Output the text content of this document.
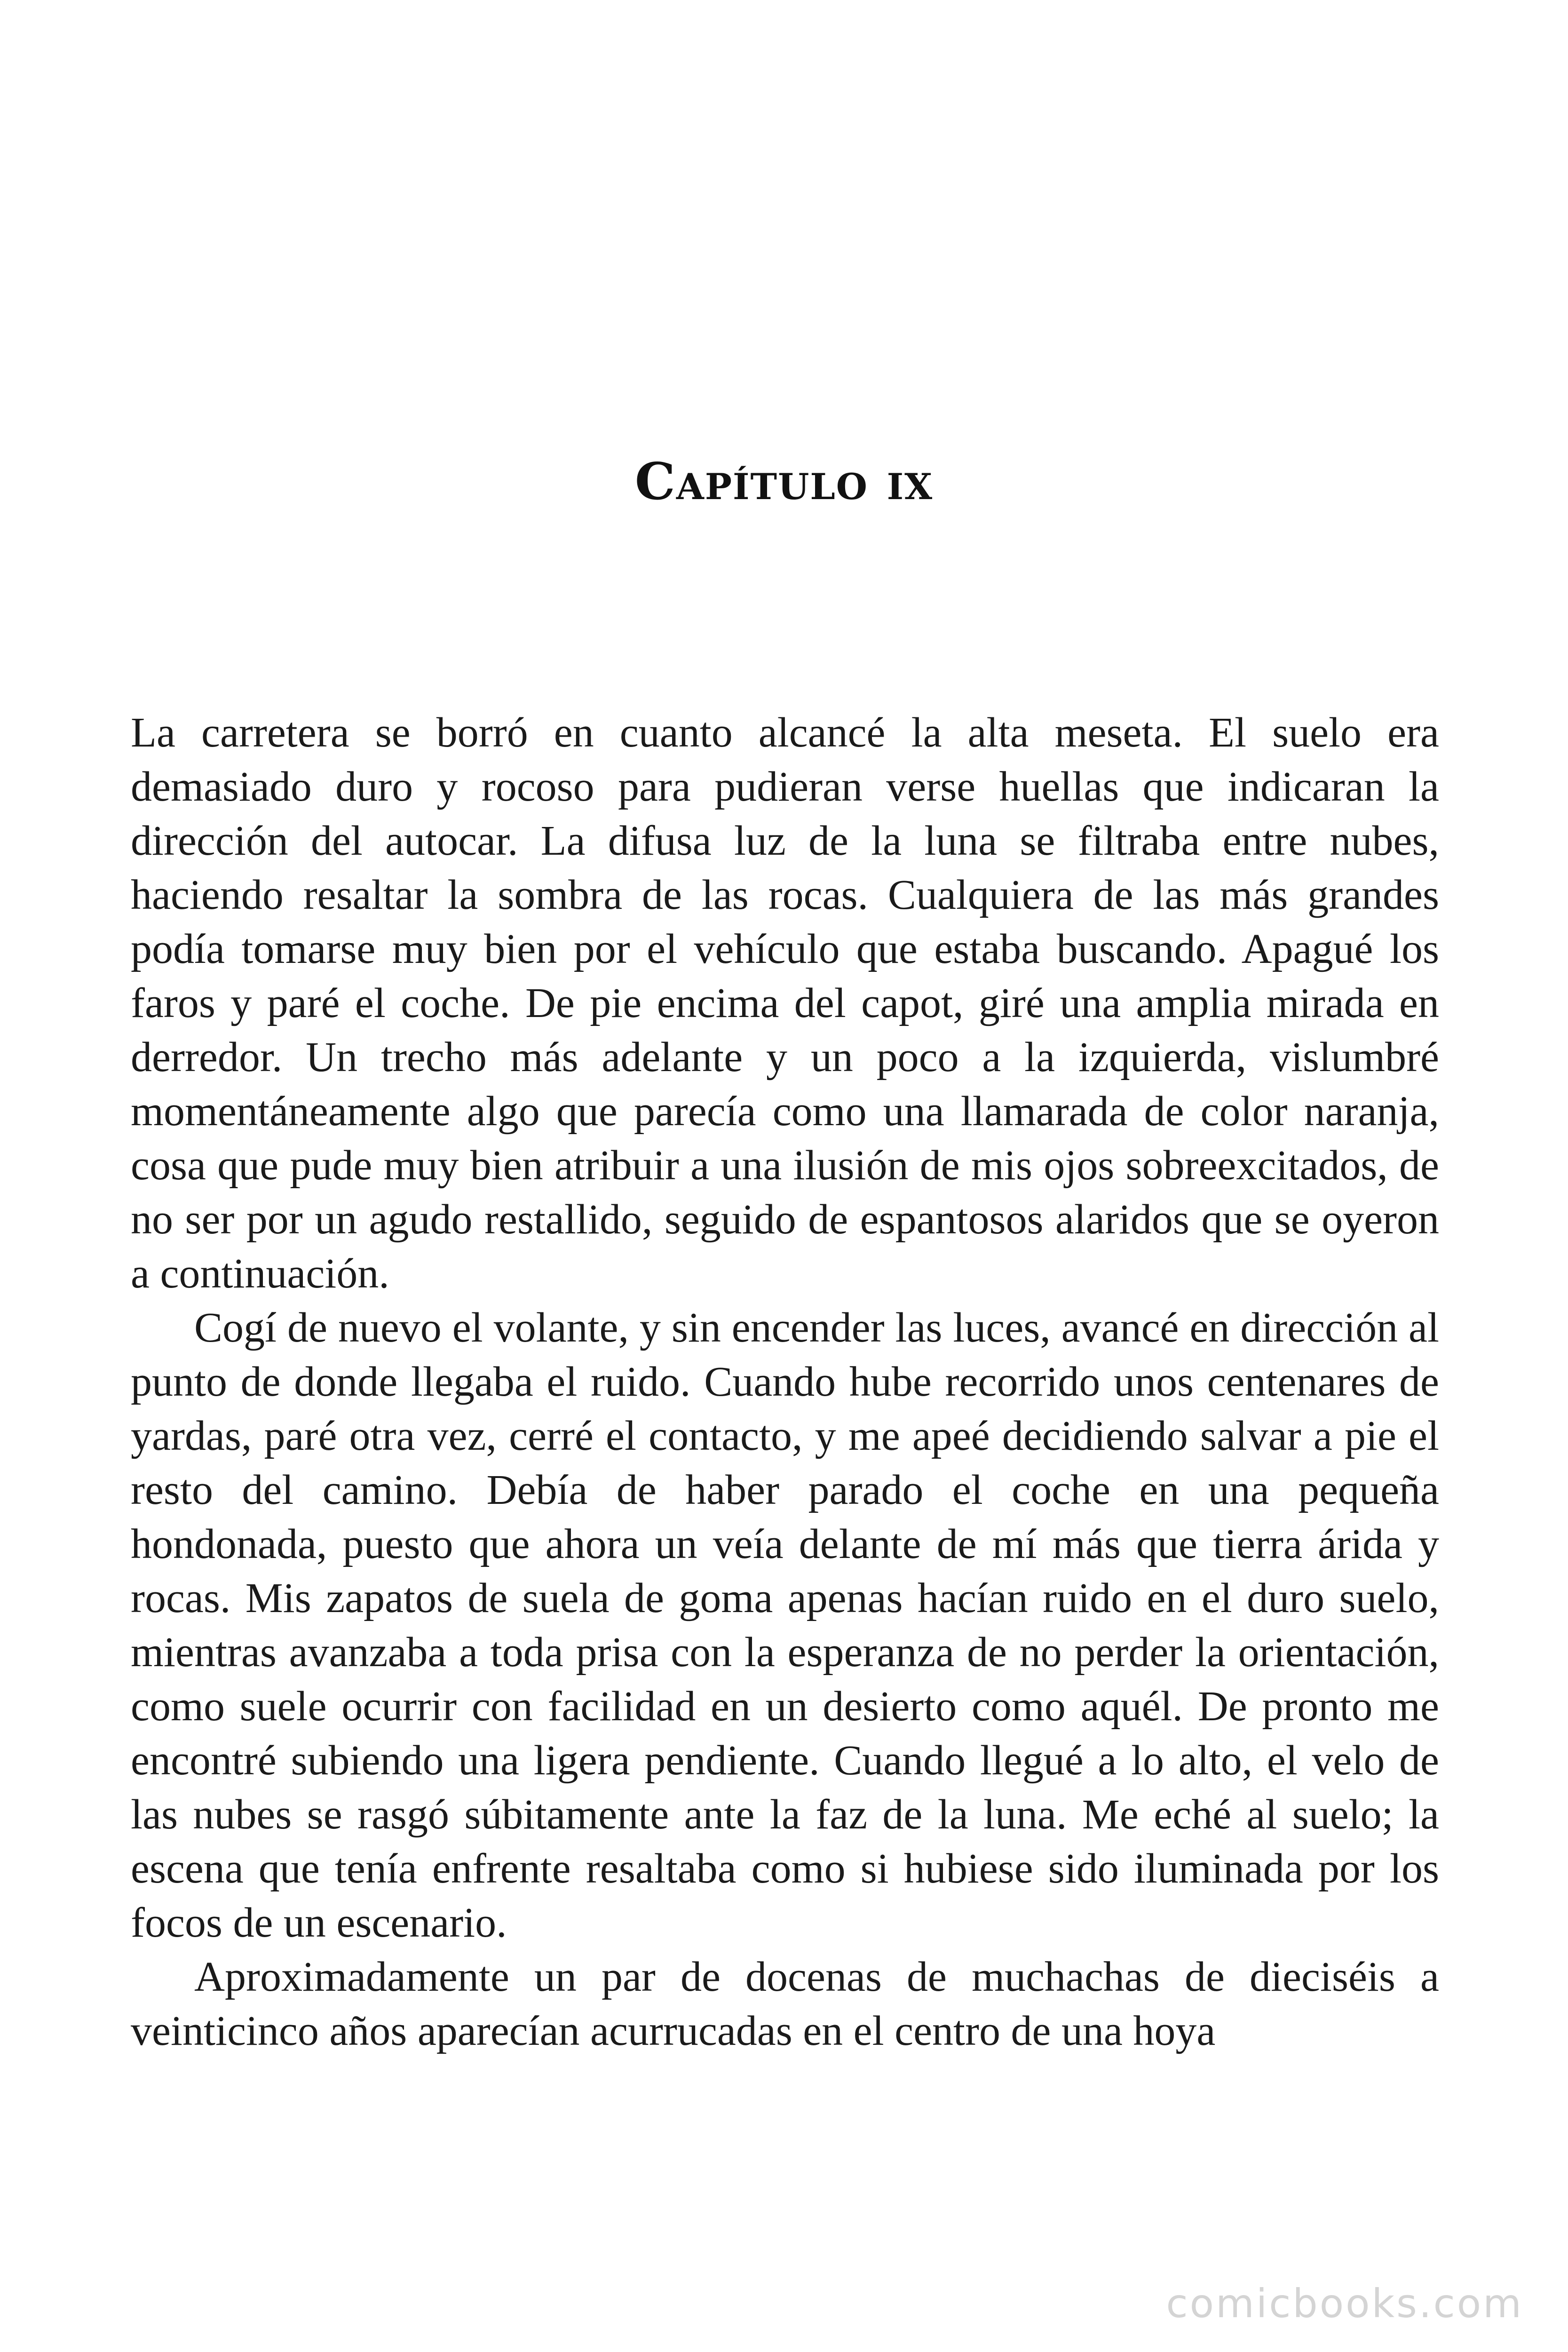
Capítulo ix

La carretera se borró en cuanto alcancé la alta meseta. El suelo era demasiado duro y rocoso para pudieran verse huellas que indicaran la dirección del autocar. La difusa luz de la luna se filtraba entre nubes, haciendo resaltar la sombra de las rocas. Cualquiera de las más grandes podía tomarse muy bien por el vehículo que estaba buscando. Apagué los faros y paré el coche. De pie encima del capot, giré una amplia mirada en derredor. Un trecho más adelante y un poco a la izquierda, vislumbré momentáneamente algo que parecía como una llamarada de color naranja, cosa que pude muy bien atribuir a una ilusión de mis ojos sobreexcitados, de no ser por un agudo restallido, seguido de espantosos alaridos que se oyeron a continuación.

Cogí de nuevo el volante, y sin encender las luces, avancé en dirección al punto de donde llegaba el ruido. Cuando hube recorrido unos centenares de yardas, paré otra vez, cerré el contacto, y me apeé decidiendo salvar a pie el resto del camino. Debía de haber parado el coche en una pequeña hondonada, puesto que ahora un veía delante de mí más que tierra árida y rocas. Mis zapatos de suela de goma apenas hacían ruido en el duro suelo, mientras avanzaba a toda prisa con la esperanza de no perder la orientación, como suele ocurrir con facilidad en un desierto como aquél. De pronto me encontré subiendo una ligera pendiente. Cuando llegué a lo alto, el velo de las nubes se rasgó súbitamente ante la faz de la luna. Me eché al suelo; la escena que tenía enfrente resaltaba como si hubiese sido iluminada por los focos de un escenario.

Aproximadamente un par de docenas de muchachas de dieciséis a veinticinco años aparecían acurrucadas en el centro de una hoya

comicbooks.com
